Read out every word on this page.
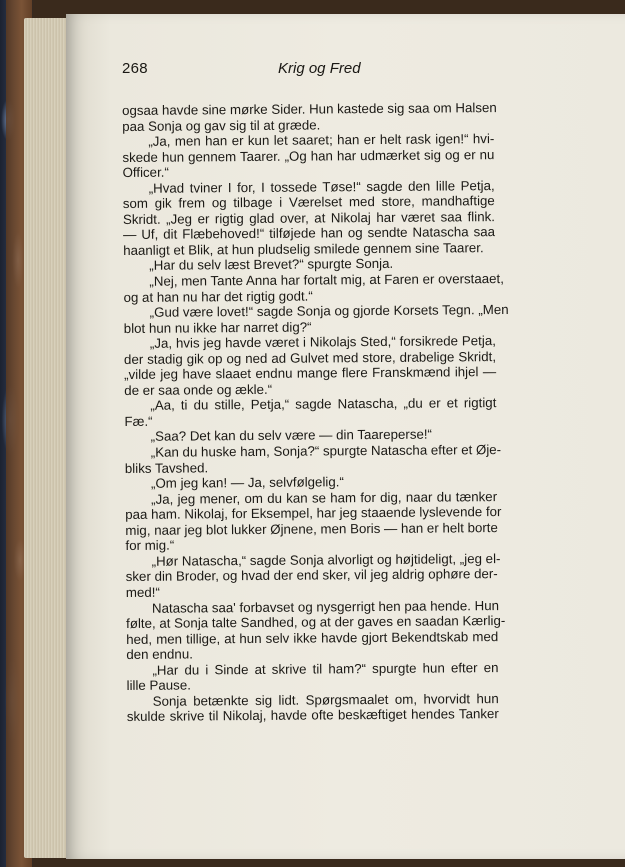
268	Krig og Fred
ogsaa havde sine mørke Sider. Hun kastede sig saa om Halsen
paa Sonja og gav sig til at græde.
„Ja, men han er kun let saaret; han er helt rask igen!“ hvi-
skede hun gennem Taarer. „Og han har udmærket sig og er nu
Officer.“
„Hvad tviner I for, I tossede Tøse!“ sagde den lille Petja,
som gik frem og tilbage i Værelset med store, mandhaftige
Skridt. „Jeg er rigtig glad over, at Nikolaj har været saa flink.
— Uf, dit Flæbehoved!“ tilføjede han og sendte Natascha saa
haanligt et Blik, at hun pludselig smilede gennem sine Taarer.
„Har du selv læst Brevet?“ spurgte Sonja.
„Nej, men Tante Anna har fortalt mig, at Faren er overstaaet,
og at han nu har det rigtig godt.“
„Gud være lovet!“ sagde Sonja og gjorde Korsets Tegn. „Men
blot hun nu ikke har narret dig?“
„Ja, hvis jeg havde været i Nikolajs Sted,“ forsikrede Petja,
der stadig gik op og ned ad Gulvet med store, drabelige Skridt,
„vilde jeg have slaaet endnu mange flere Franskmænd ihjel —
de er saa onde og ækle.“
„Aa, ti du stille, Petja,“ sagde Natascha, „du er et rigtigt
Fæ.“
„Saa? Det kan du selv være — din Taareperse!“
„Kan du huske ham, Sonja?“ spurgte Natascha efter et Øje-
bliks Tavshed.
„Om jeg kan! — Ja, selvfølgelig.“
„Ja, jeg mener, om du kan se ham for dig, naar du tænker
paa ham. Nikolaj, for Eksempel, har jeg staaende lyslevende for
mig, naar jeg blot lukker Øjnene, men Boris — han er helt borte
for mig.“
„Hør Natascha,“ sagde Sonja alvorligt og højtideligt, „jeg el-
sker din Broder, og hvad der end sker, vil jeg aldrig ophøre der-
med!“
Natascha saa' forbavset og nysgerrigt hen paa hende. Hun
følte, at Sonja talte Sandhed, og at der gaves en saadan Kærlig-
hed, men tillige, at hun selv ikke havde gjort Bekendtskab med
den endnu.
„Har du i Sinde at skrive til ham?“ spurgte hun efter en
lille Pause.
Sonja betænkte sig lidt. Spørgsmaalet om, hvorvidt hun
skulde skrive til Nikolaj, havde ofte beskæftiget hendes Tanker
